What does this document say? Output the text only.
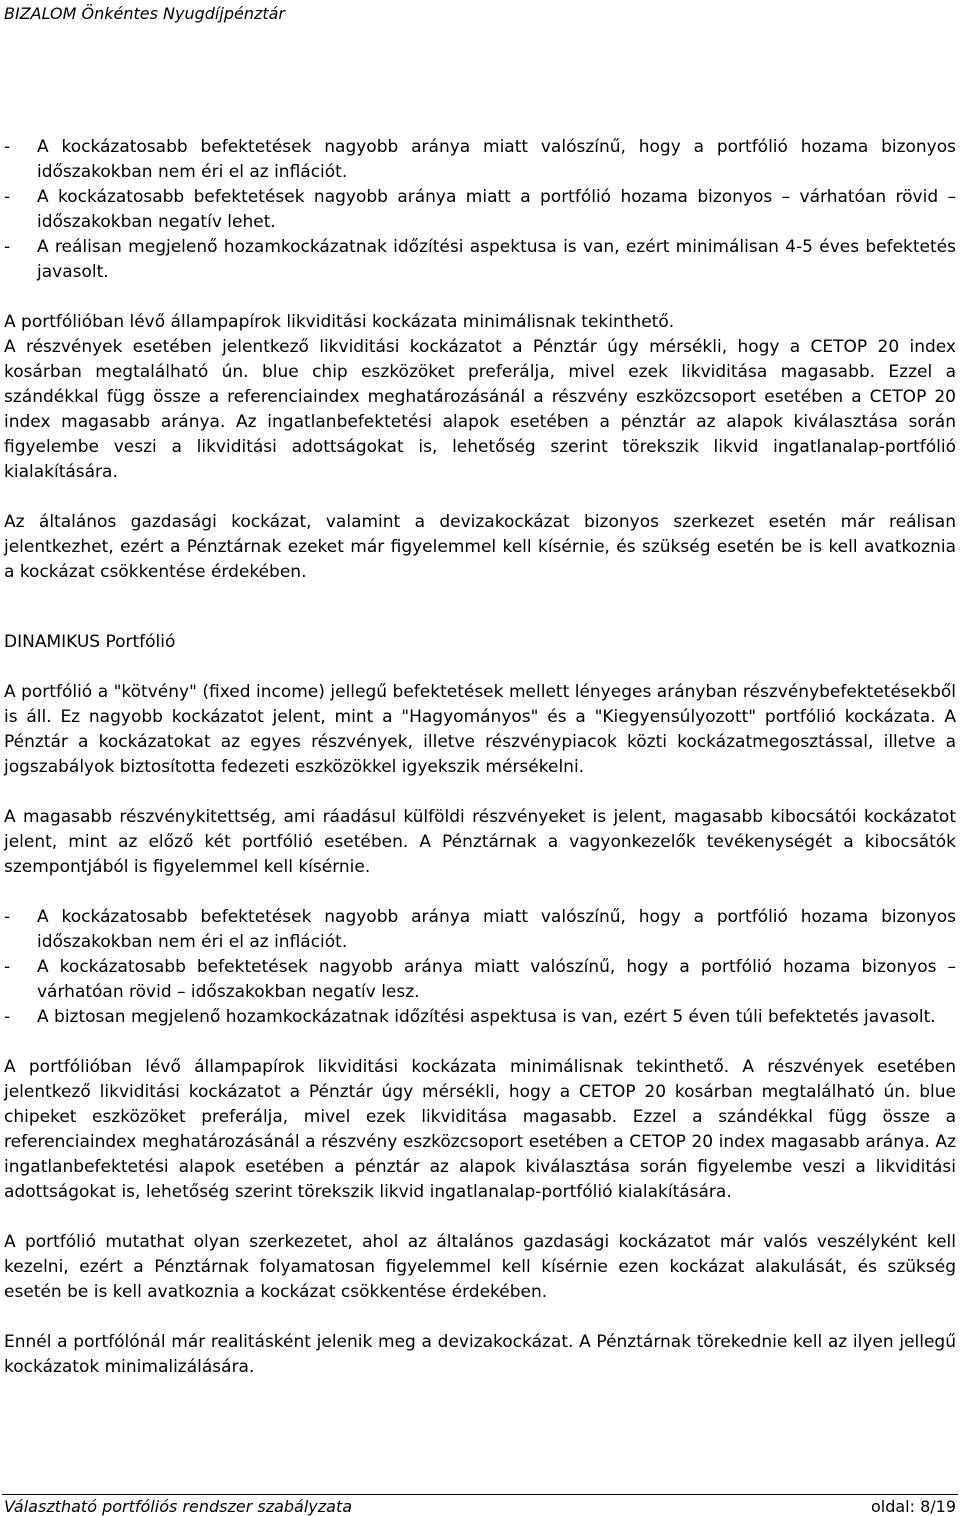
BIZALOM Önkéntes Nyugdíjpénztár
- A kockázatosabb befektetések nagyobb aránya miatt valószínű, hogy a portfólió hozama bizonyos időszakokban nem éri el az inflációt.
- A kockázatosabb befektetések nagyobb aránya miatt a portfólió hozama bizonyos – várhatóan rövid – időszakokban negatív lehet.
- A reálisan megjelenő hozamkockázatnak időzítési aspektusa is van, ezért minimálisan 4-5 éves befektetés javasolt.

A portfólióban lévő állampapírok likviditási kockázata minimálisnak tekinthető.

A részvények esetében jelentkező likviditási kockázatot a Pénztár úgy mérsékli, hogy a CETOP 20 index kosárban megtalálható ún. blue chip eszközöket preferálja, mivel ezek likviditása magasabb. Ezzel a szándékkal függ össze a referenciaindex meghatározásánál a részvény eszközcsoport esetében a CETOP 20 index magasabb aránya. Az ingatlanbefektetési alapok esetében a pénztár az alapok kiválasztása során figyelembe veszi a likviditási adottságokat is, lehetőség szerint törekszik likvid ingatlanalap-portfólió kialakítására.

Az általános gazdasági kockázat, valamint a devizakockázat bizonyos szerkezet esetén már reálisan jelentkezhet, ezért a Pénztárnak ezeket már figyelemmel kell kísérnie, és szükség esetén be is kell avatkoznia a kockázat csökkentése érdekében.

DINAMIKUS Portfólió

A portfólió a "kötvény" (fixed income) jellegű befektetések mellett lényeges arányban részvénybefektetésekből is áll. Ez nagyobb kockázatot jelent, mint a "Hagyományos" és a "Kiegyensúlyozott" portfólió kockázata. A Pénztár a kockázatokat az egyes részvények, illetve részvénypiacok közti kockázatmegosztással, illetve a jogszabályok biztosította fedezeti eszközökkel igyekszik mérsékelni.

A magasabb részvénykitettség, ami ráadásul külföldi részvényeket is jelent, magasabb kibocsátói kockázatot jelent, mint az előző két portfólió esetében. A Pénztárnak a vagyonkezelők tevékenységét a kibocsátók szempontjából is figyelemmel kell kísérnie.

- A kockázatosabb befektetések nagyobb aránya miatt valószínű, hogy a portfólió hozama bizonyos időszakokban nem éri el az inflációt.
- A kockázatosabb befektetések nagyobb aránya miatt valószínű, hogy a portfólió hozama bizonyos – várhatóan rövid – időszakokban negatív lesz.
- A biztosan megjelenő hozamkockázatnak időzítési aspektusa is van, ezért 5 éven túli befektetés javasolt.

A portfólióban lévő állampapírok likviditási kockázata minimálisnak tekinthető. A részvények esetében jelentkező likviditási kockázatot a Pénztár úgy mérsékli, hogy a CETOP 20 kosárban megtalálható ún. blue chipeket eszközöket preferálja, mivel ezek likviditása magasabb. Ezzel a szándékkal függ össze a referenciaindex meghatározásánál a részvény eszközcsoport esetében a CETOP 20 index magasabb aránya. Az ingatlanbefektetési alapok esetében a pénztár az alapok kiválasztása során figyelembe veszi a likviditási adottságokat is, lehetőség szerint törekszik likvid ingatlanalap-portfólió kialakítására.

A portfólió mutathat olyan szerkezetet, ahol az általános gazdasági kockázatot már valós veszélyként kell kezelni, ezért a Pénztárnak folyamatosan figyelemmel kell kísérnie ezen kockázat alakulását, és szükség esetén be is kell avatkoznia a kockázat csökkentése érdekében.

Ennél a portfólónál már realitásként jelenik meg a devizakockázat. A Pénztárnak törekednie kell az ilyen jellegű kockázatok minimalizálására.

Választható portfóliós rendszer szabályzata	oldal: 8/19
